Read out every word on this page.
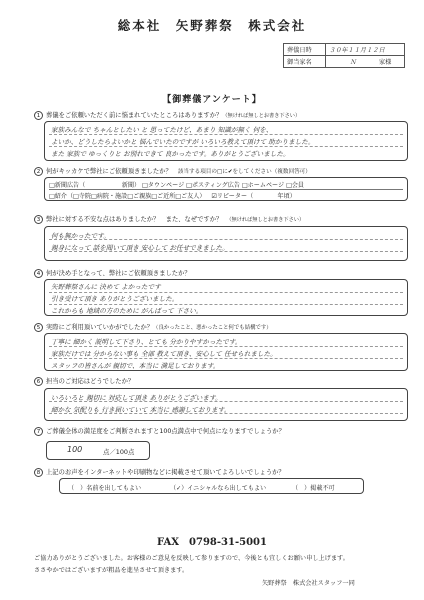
総本社　矢野葬祭　株式会社
葬儀日時	３０年１１月１２日
御当家名	Ｎ 家様
【御葬儀アンケート】
1 葬儀をご依頼いただく前に悩まれていたところはありますか？（無ければ無しとお書き下さい）
家族みんなで ちゃんとしたい と 思ってたけど、あまり 知識が無く 何を、
よいか、どうしたらよいかと 悩んでいたのですが いろいろ教えて頂けて 助かりました。
また 家族で ゆっくりと お別れできて 良かったです。ありがとうございました。
2 何がキッカケで弊社にご依頼頂きましたか？ 該当する項目の□に✔をしてください（複数回答可）
□新聞広告（　　　　　　新聞） □タウンページ □ポスティング広告 □ホームページ □会員
□紹介（□寺院□病院・施設□ご親族□ご近所□ご友人） ☑リピーター（　　　　年頃）
3 弊社に対する不安な点はありましたか？　また、なぜですか？ （無ければ無しとお書き下さい）
何も無かったです。
親身になって 話を聞いて頂き 安心して お任せできました。
4 何が決め手となって、弊社にご依頼頂きましたか？
矢野葬祭さんに 決めて よかったです
引き受けて頂き ありがとうございました。
これからも 地域の方のために がんばって 下さい。
5 実際にご利用頂いていかがでしたか？（良かったこと、悪かったこと何でも結構です）
丁寧に 細かく 説明して下さり、とても 分かりやすかったです。
家族だけでは 分からない事も 全部 教えて頂き、安心して 任せられました。
スタッフの皆さんが 親切で、本当に 満足しております。
6 担当のご対応はどうでしたか？
いろいろと 親切に 対応して頂き ありがとうございます。
細かな 気配りも 行き届いていて 本当に 感謝しております。
7 ご葬儀全体の満足度をご判断されますと100点満点中で何点になりますでしょうか？
100	点／100点
8 上記のお声をインターネットや印刷物などに掲載させて頂いてよろしいでしょうか？
（　）名前を出してもよい	（✓）イニシャルなら出してもよい	（　）掲載不可
FAX　0798-31-5001
ご協力ありがとうございました。お客様のご意見を反映して参りますので、今後とも宜しくお願い申し上げます。
ささやかではございますが粗品を進呈させて頂きます。
矢野葬祭　株式会社スタッフ一同
